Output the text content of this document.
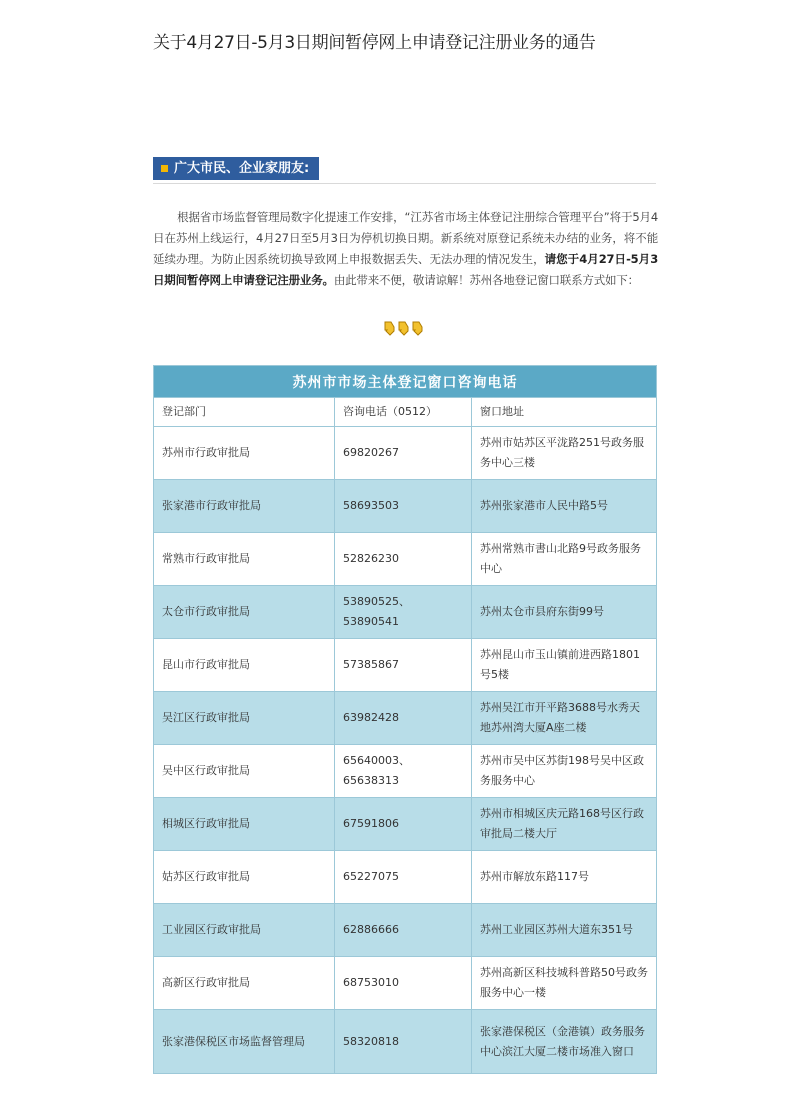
关于4月27日-5月3日期间暂停网上申请登记注册业务的通告
广大市民、企业家朋友:
根据省市场监督管理局数字化提速工作安排，“江苏省市场主体登记注册综合管理平台”将于5月4日在苏州上线运行，4月27日至5月3日为停机切换日期。新系统对原登记系统未办结的业务，将不能延续办理。为防止因系统切换导致网上申报数据丢失、无法办理的情况发生，请您于4月27日-5月3日期间暂停网上申请登记注册业务。由此带来不便，敬请谅解！苏州各地登记窗口联系方式如下：
苏州市市场主体登记窗口咨询电话		
登记部门	咨询电话（0512）	窗口地址
苏州市行政审批局	69820267	苏州市姑苏区平泷路251号政务服务中心三楼
张家港市行政审批局	58693503	苏州张家港市人民中路5号
常熟市行政审批局	52826230	苏州常熟市書山北路9号政务服务中心
太仓市行政审批局	53890525、53890541	苏州太仓市县府东街99号
昆山市行政审批局	57385867	苏州昆山市玉山镇前进西路1801号5楼
吴江区行政审批局	63982428	苏州吴江市开平路3688号水秀天地苏州湾大厦A座二楼
吴中区行政审批局	65640003、65638313	苏州市吴中区苏街198号吴中区政务服务中心
相城区行政审批局	67591806	苏州市相城区庆元路168号区行政审批局二楼大厅
姑苏区行政审批局	65227075	苏州市解放东路117号
工业园区行政审批局	62886666	苏州工业园区苏州大道东351号
高新区行政审批局	68753010	苏州高新区科技城科普路50号政务服务中心一楼
张家港保税区市场监督管理局	58320818	张家港保税区（金港镇）政务服务中心滨江大厦二楼市场准入窗口
